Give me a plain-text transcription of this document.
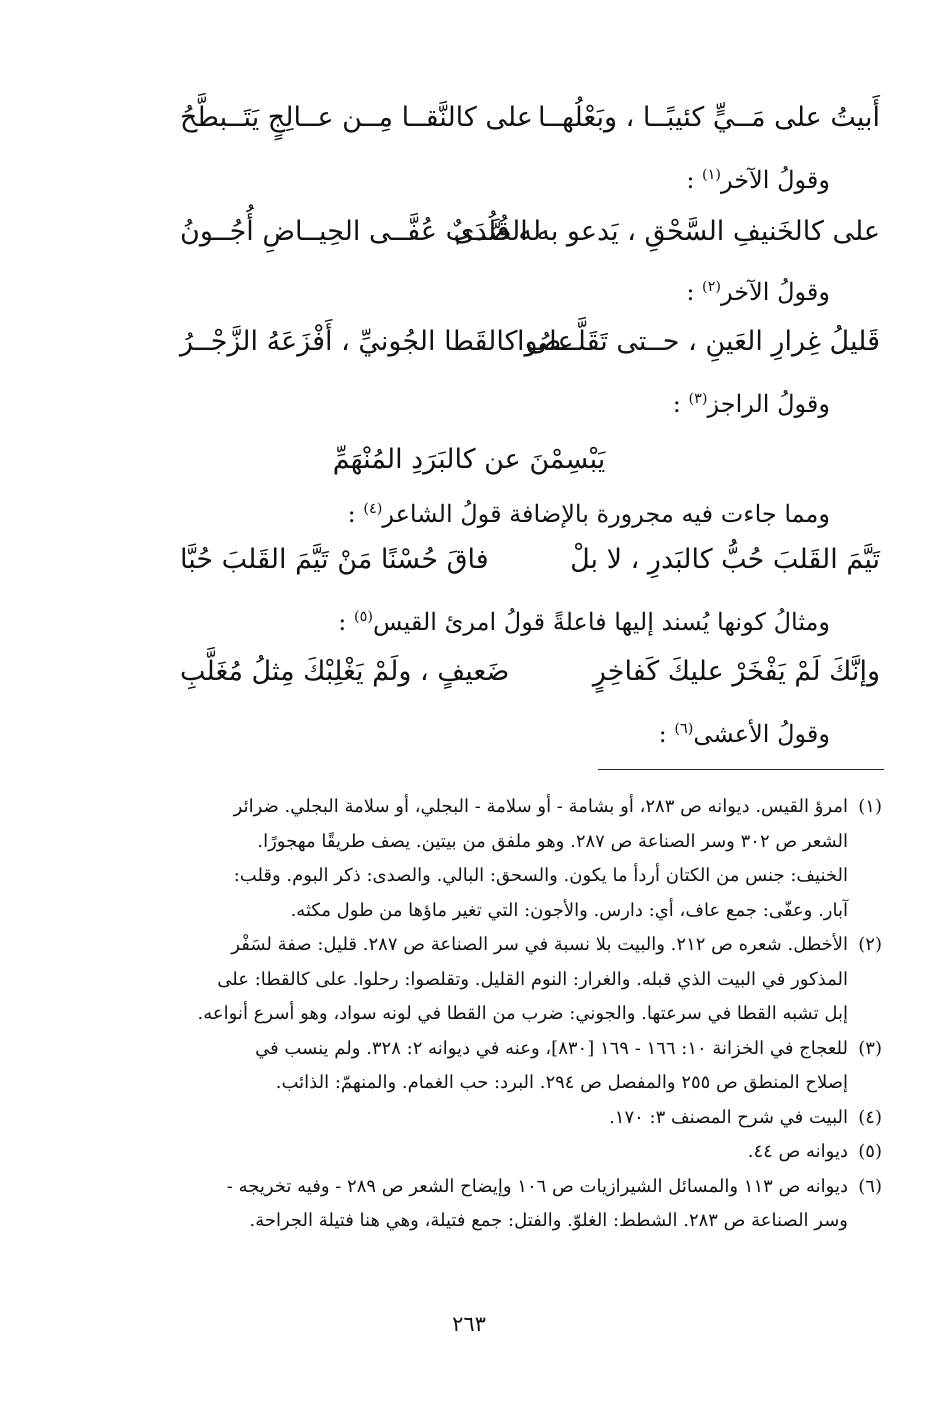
أَبيتُ على مَــيٍّ كئيبًــا ، وبَعْلُهــا
على كالنَّقــا مِــن عــالِجٍ يَتَــبطَّحُ
وقولُ الآخر$^{(١)}$ :
على كالخَنيفِ السَّحْقِ ، يَدعو به الصَّدَى
له قُلُــبٌ عُفَّــى الحِيــاضِ أُجُــونُ
وقولُ الآخر$^{(٢)}$ :
قَليلُ غِرارِ العَينِ ، حــتى تَقَلَّــصُوا
على كالقَطا الجُونيِّ ، أَفْزَعَهُ الزَّجْــرُ
وقولُ الراجز$^{(٣)}$ :
يَبْسِمْنَ عن كالبَرَدِ المُنْهَمِّ
ومما جاءت فيه مجرورة بالإضافة قولُ الشاعر$^{(٤)}$ :
تَيَّمَ القَلبَ حُبُّ كالبَدرِ ، لا بلْ
فاقَ حُسْنًا مَنْ تَيَّمَ القَلبَ حُبَّا
ومثالُ كونها يُسند إليها فاعلةً قولُ امرئ القيس$^{(٥)}$ :
وإنَّكَ لَمْ يَفْخَرْ عليكَ كَفاخِرٍ
ضَعيفٍ ، ولَمْ يَغْلِبْكَ مِثلُ مُغَلَّبِ
وقولُ الأعشى$^{(٦)}$ :

(١)امرؤ القيس. ديوانه ص ٢٨٣، أو بشامة - أو سلامة - البجلي، أو سلامة البجلي. ضرائر

الشعر ص ٣٠٢ وسر الصناعة ص ٢٨٧. وهو ملفق من بيتين. يصف طريقًا مهجورًا.

الخنيف: جنس من الكتان أردأ ما يكون. والسحق: البالي. والصدى: ذكر البوم. وقلب:

آبار. وعفّى: جمع عاف، أي: دارس. والأجون: التي تغير ماؤها من طول مكثه.

(٢)الأخطل. شعره ص ٢١٢. والبيت بلا نسبة في سر الصناعة ص ٢٨٧. قليل: صفة لسَفْر

المذكور في البيت الذي قبله. والغرار: النوم القليل. وتقلصوا: رحلوا. على كالقطا: على

إبل تشبه القطا في سرعتها. والجوني: ضرب من القطا في لونه سواد، وهو أسرع أنواعه.

(٣)للعجاج في الخزانة ١٠: ١٦٦ - ١٦٩ [٨٣٠]، وعنه في ديوانه ٢: ٣٢٨. ولم ينسب في

إصلاح المنطق ص ٢٥٥ والمفصل ص ٢٩٤. البرد: حب الغمام. والمنهمّ: الذائب.

(٤)البيت في شرح المصنف ٣: ١٧٠.

(٥)ديوانه ص ٤٤.

(٦)ديوانه ص ١١٣ والمسائل الشيرازيات ص ١٠٦ وإيضاح الشعر ص ٢٨٩ - وفيه تخريجه -

وسر الصناعة ص ٢٨٣. الشطط: الغلوّ. والفتل: جمع فتيلة، وهي هنا فتيلة الجراحة.

٢٦٣
